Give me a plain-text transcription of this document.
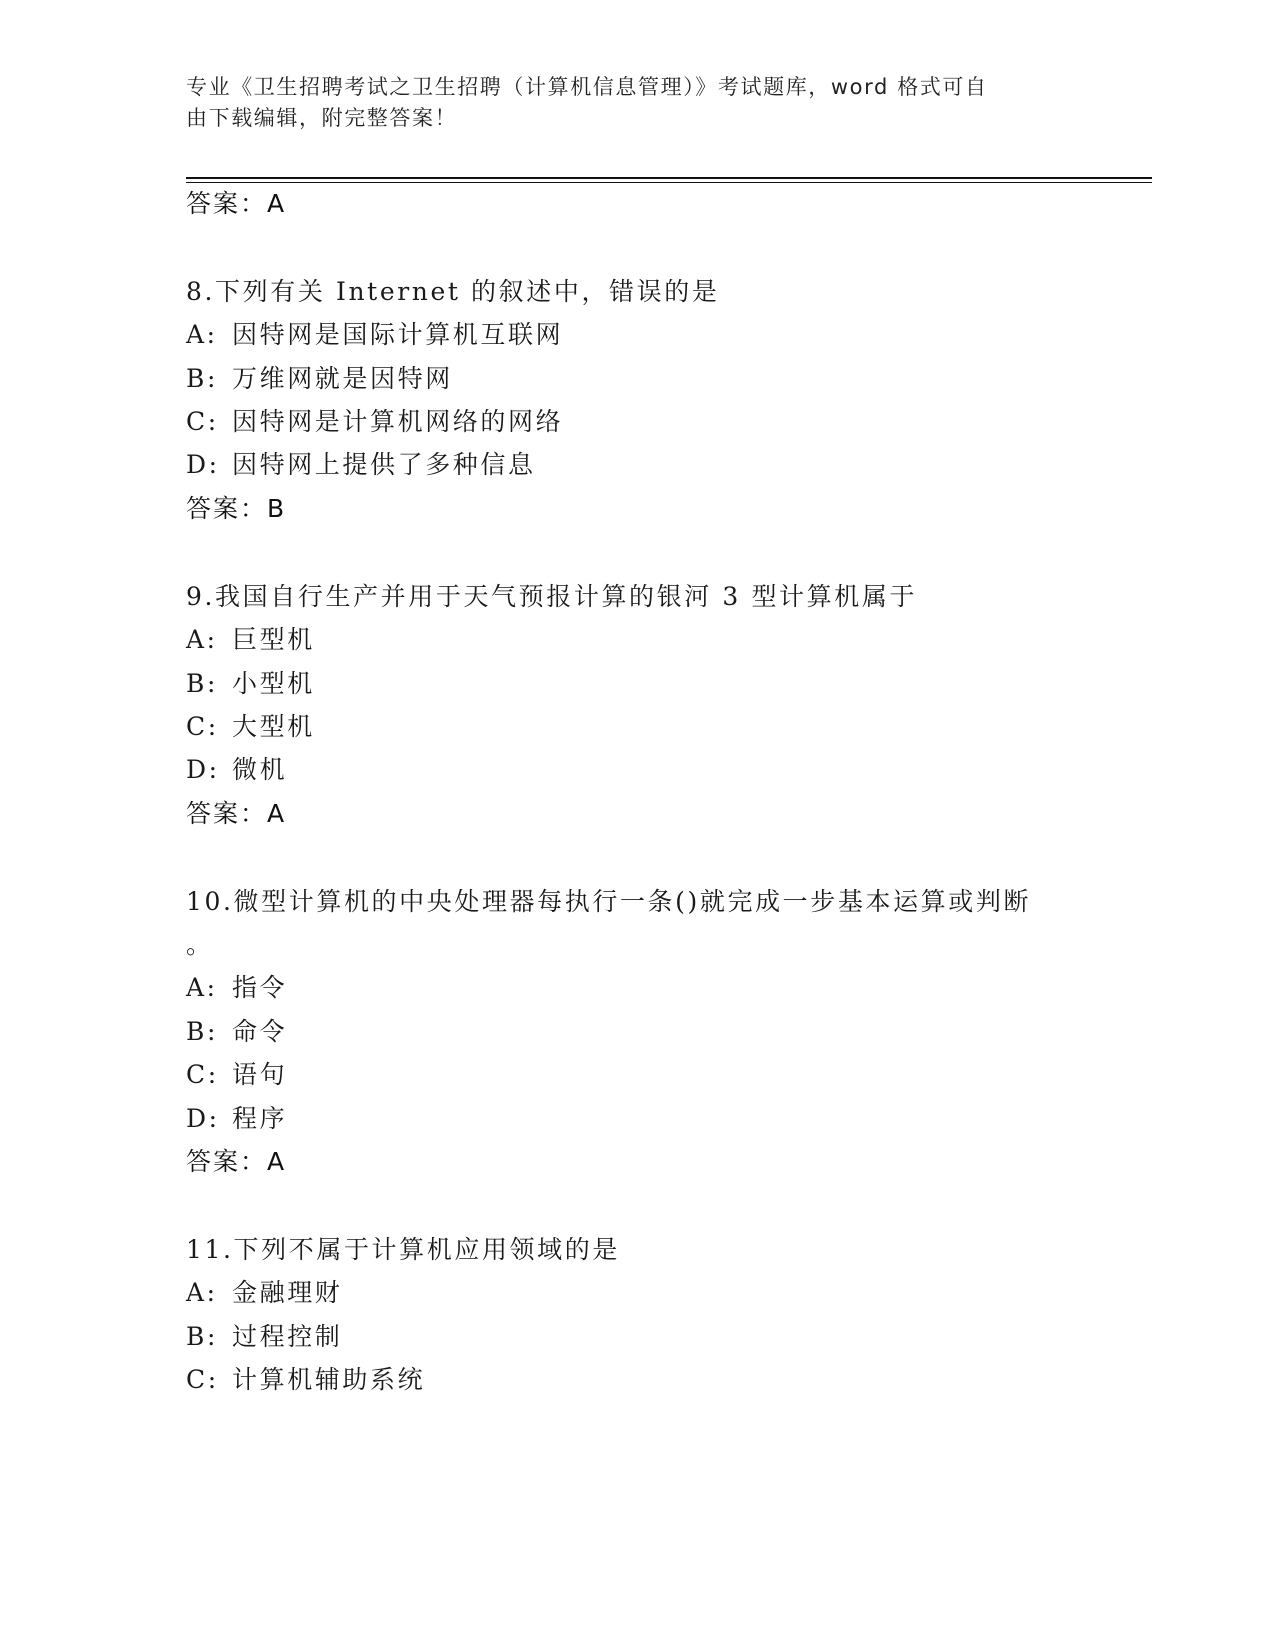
专业《卫生招聘考试之卫生招聘（计算机信息管理）》考试题库，word 格式可自
由下载编辑，附完整答案！
答案：A
8.下列有关 Internet 的叙述中，错误的是
A: 因特网是国际计算机互联网
B: 万维网就是因特网
C: 因特网是计算机网络的网络
D: 因特网上提供了多种信息
答案：B
9.我国自行生产并用于天气预报计算的银河 3 型计算机属于
A: 巨型机
B: 小型机
C: 大型机
D: 微机
答案：A
10.微型计算机的中央处理器每执行一条()就完成一步基本运算或判断
。
A: 指令
B: 命令
C: 语句
D: 程序
答案：A
11.下列不属于计算机应用领域的是
A: 金融理财
B: 过程控制
C: 计算机辅助系统
